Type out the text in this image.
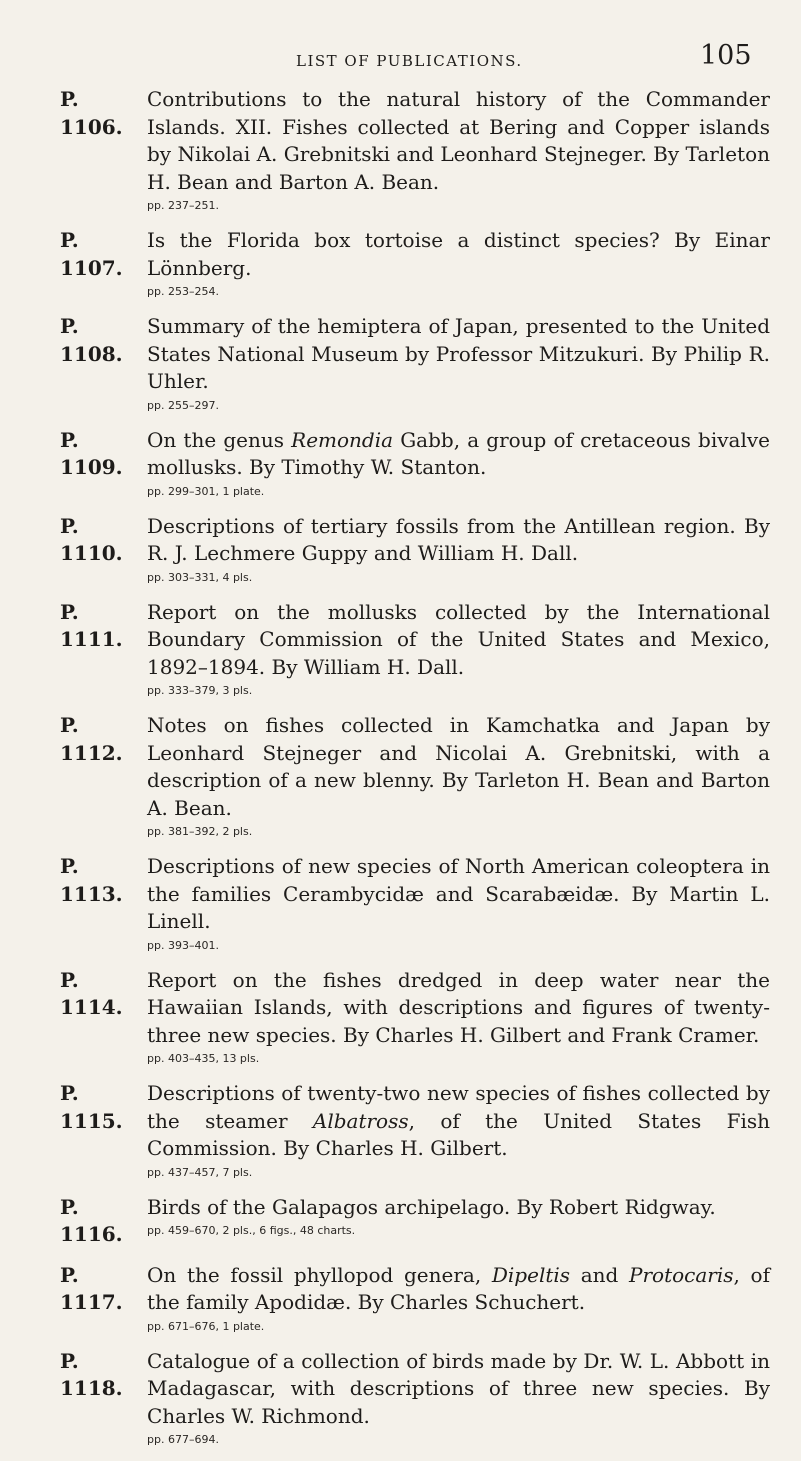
LIST OF PUBLICATIONS.	105
P. 1106.
Contributions to the natural history of the Commander Islands. XII. Fishes collected at Bering and Copper islands by Nikolai A. Grebnitski and Leonhard Stejneger. By Tarleton H. Bean and Barton A. Bean.
pp. 237–251.
P. 1107.
Is the Florida box tortoise a distinct species? By Einar Lönnberg.
pp. 253–254.
P. 1108.
Summary of the hemiptera of Japan, presented to the United States National Museum by Professor Mitzukuri. By Philip R. Uhler.
pp. 255–297.
P. 1109.
On the genus Remondia Gabb, a group of cretaceous bivalve mollusks. By Timothy W. Stanton.
pp. 299–301, 1 plate.
P. 1110.
Descriptions of tertiary fossils from the Antillean region. By R. J. Lechmere Guppy and William H. Dall.
pp. 303–331, 4 pls.
P. 1111.
Report on the mollusks collected by the International Boundary Commission of the United States and Mexico, 1892–1894. By William H. Dall.
pp. 333–379, 3 pls.
P. 1112.
Notes on fishes collected in Kamchatka and Japan by Leonhard Stejneger and Nicolai A. Grebnitski, with a description of a new blenny. By Tarleton H. Bean and Barton A. Bean.
pp. 381–392, 2 pls.
P. 1113.
Descriptions of new species of North American coleoptera in the families Cerambycidæ and Scarabæidæ. By Martin L. Linell.
pp. 393–401.
P. 1114.
Report on the fishes dredged in deep water near the Hawaiian Islands, with descriptions and figures of twenty-three new species. By Charles H. Gilbert and Frank Cramer.
pp. 403–435, 13 pls.
P. 1115.
Descriptions of twenty-two new species of fishes collected by the steamer Albatross, of the United States Fish Commission. By Charles H. Gilbert.
pp. 437–457, 7 pls.
P. 1116.
Birds of the Galapagos archipelago. By Robert Ridgway.
pp. 459–670, 2 pls., 6 figs., 48 charts.
P. 1117.
On the fossil phyllopod genera, Dipeltis and Protocaris, of the family Apodidæ. By Charles Schuchert.
pp. 671–676, 1 plate.
P. 1118.
Catalogue of a collection of birds made by Dr. W. L. Abbott in Madagascar, with descriptions of three new species. By Charles W. Richmond.
pp. 677–694.
